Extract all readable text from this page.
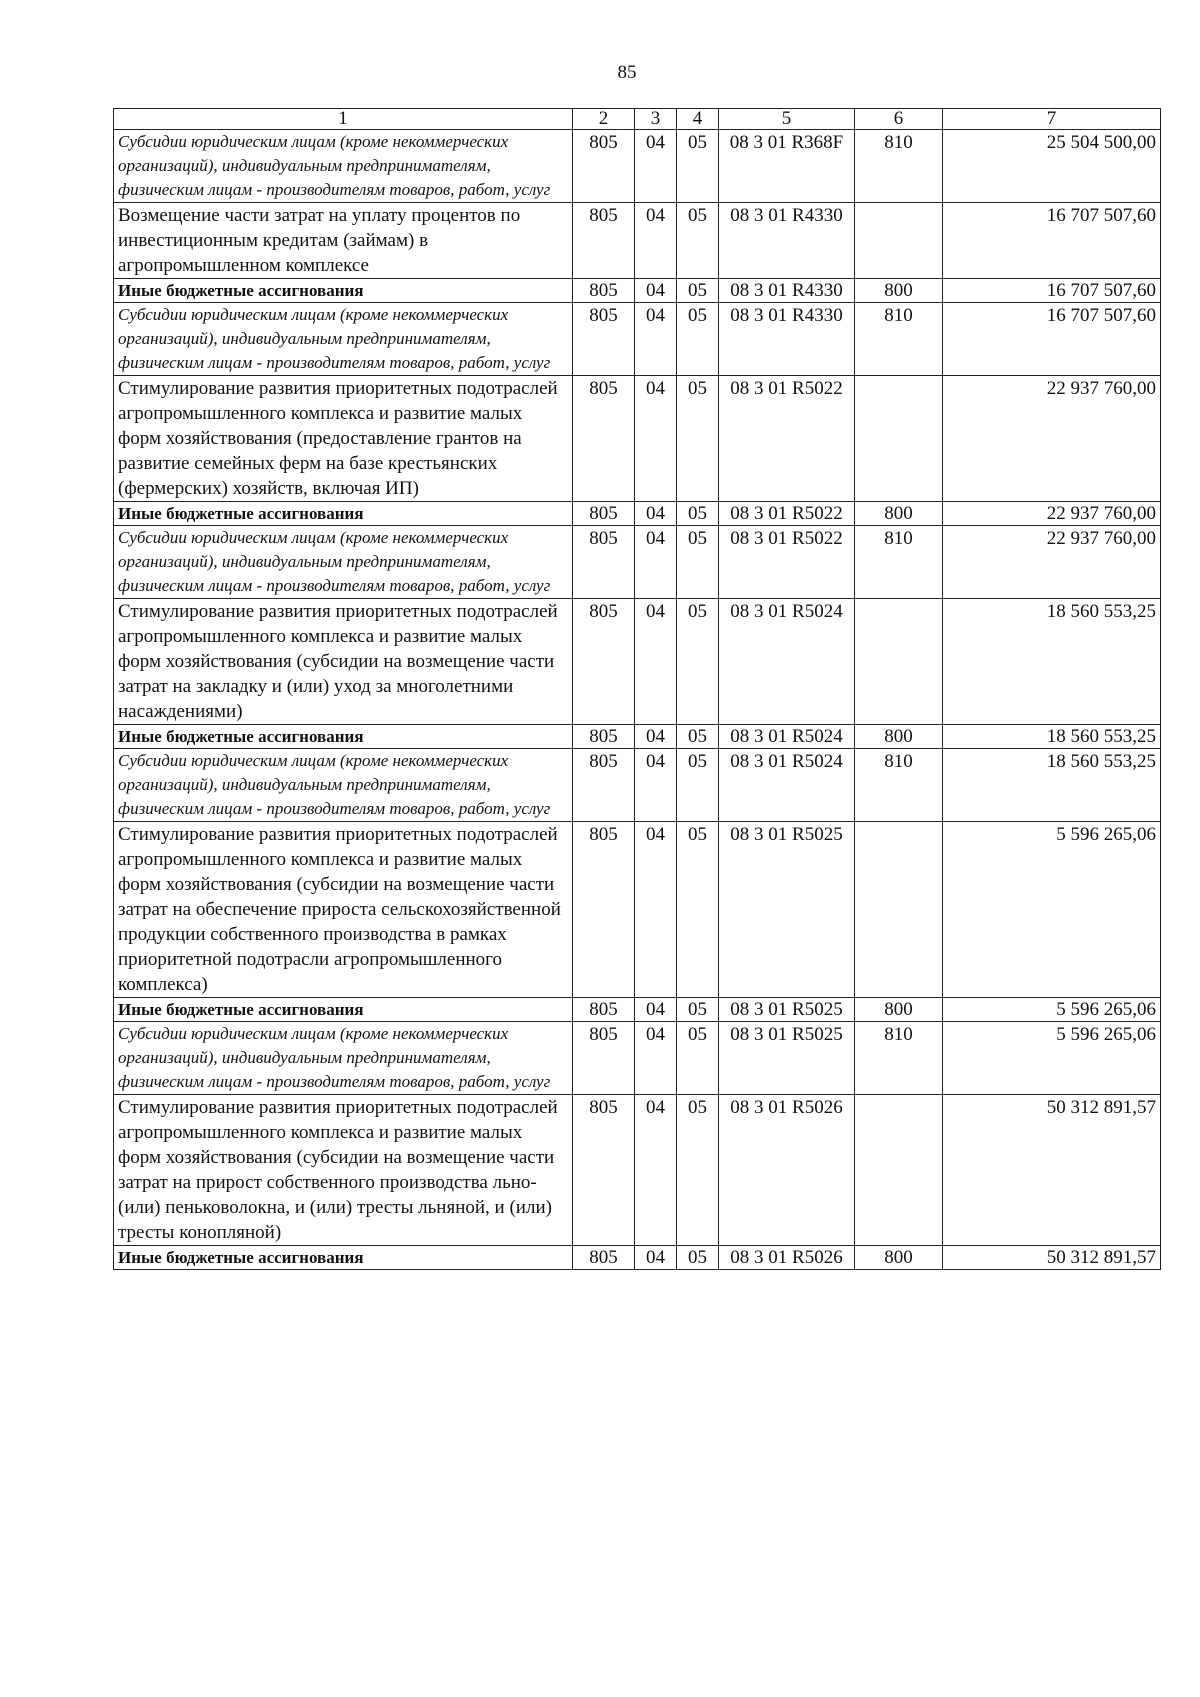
85
1	2	3	4	5	6	7
Субсидии юридическим лицам (кроме некоммерческих организаций), индивидуальным предпринимателям, физическим лицам - производителям товаров, работ, услуг	805	04	05	08 3 01 R368F	810	25 504 500,00
Возмещение части затрат на уплату процентов по инвестиционным кредитам (займам) в агропромышленном комплексе	805	04	05	08 3 01 R4330		16 707 507,60
Иные бюджетные ассигнования	805	04	05	08 3 01 R4330	800	16 707 507,60
Субсидии юридическим лицам (кроме некоммерческих организаций), индивидуальным предпринимателям, физическим лицам - производителям товаров, работ, услуг	805	04	05	08 3 01 R4330	810	16 707 507,60
Стимулирование развития приоритетных подотраслей агропромышленного комплекса и развитие малых форм хозяйствования (предоставление грантов на развитие семейных ферм на базе крестьянских (фермерских) хозяйств, включая ИП)	805	04	05	08 3 01 R5022		22 937 760,00
Иные бюджетные ассигнования	805	04	05	08 3 01 R5022	800	22 937 760,00
Субсидии юридическим лицам (кроме некоммерческих организаций), индивидуальным предпринимателям, физическим лицам - производителям товаров, работ, услуг	805	04	05	08 3 01 R5022	810	22 937 760,00
Стимулирование развития приоритетных подотраслей агропромышленного комплекса и развитие малых форм хозяйствования (субсидии на возмещение части затрат на закладку и (или) уход за многолетними насаждениями)	805	04	05	08 3 01 R5024		18 560 553,25
Иные бюджетные ассигнования	805	04	05	08 3 01 R5024	800	18 560 553,25
Субсидии юридическим лицам (кроме некоммерческих организаций), индивидуальным предпринимателям, физическим лицам - производителям товаров, работ, услуг	805	04	05	08 3 01 R5024	810	18 560 553,25
Стимулирование развития приоритетных подотраслей агропромышленного комплекса и развитие малых форм хозяйствования (субсидии на возмещение части затрат на обеспечение прироста сельскохозяйственной продукции собственного производства в рамках приоритетной подотрасли агропромышленного комплекса)	805	04	05	08 3 01 R5025		5 596 265,06
Иные бюджетные ассигнования	805	04	05	08 3 01 R5025	800	5 596 265,06
Субсидии юридическим лицам (кроме некоммерческих организаций), индивидуальным предпринимателям, физическим лицам - производителям товаров, работ, услуг	805	04	05	08 3 01 R5025	810	5 596 265,06
Стимулирование развития приоритетных подотраслей агропромышленного комплекса и развитие малых форм хозяйствования (субсидии на возмещение части затрат на прирост собственного производства льно- (или) пеньковолокна, и (или) тресты льняной, и (или) тресты конопляной)	805	04	05	08 3 01 R5026		50 312 891,57
Иные бюджетные ассигнования	805	04	05	08 3 01 R5026	800	50 312 891,57
